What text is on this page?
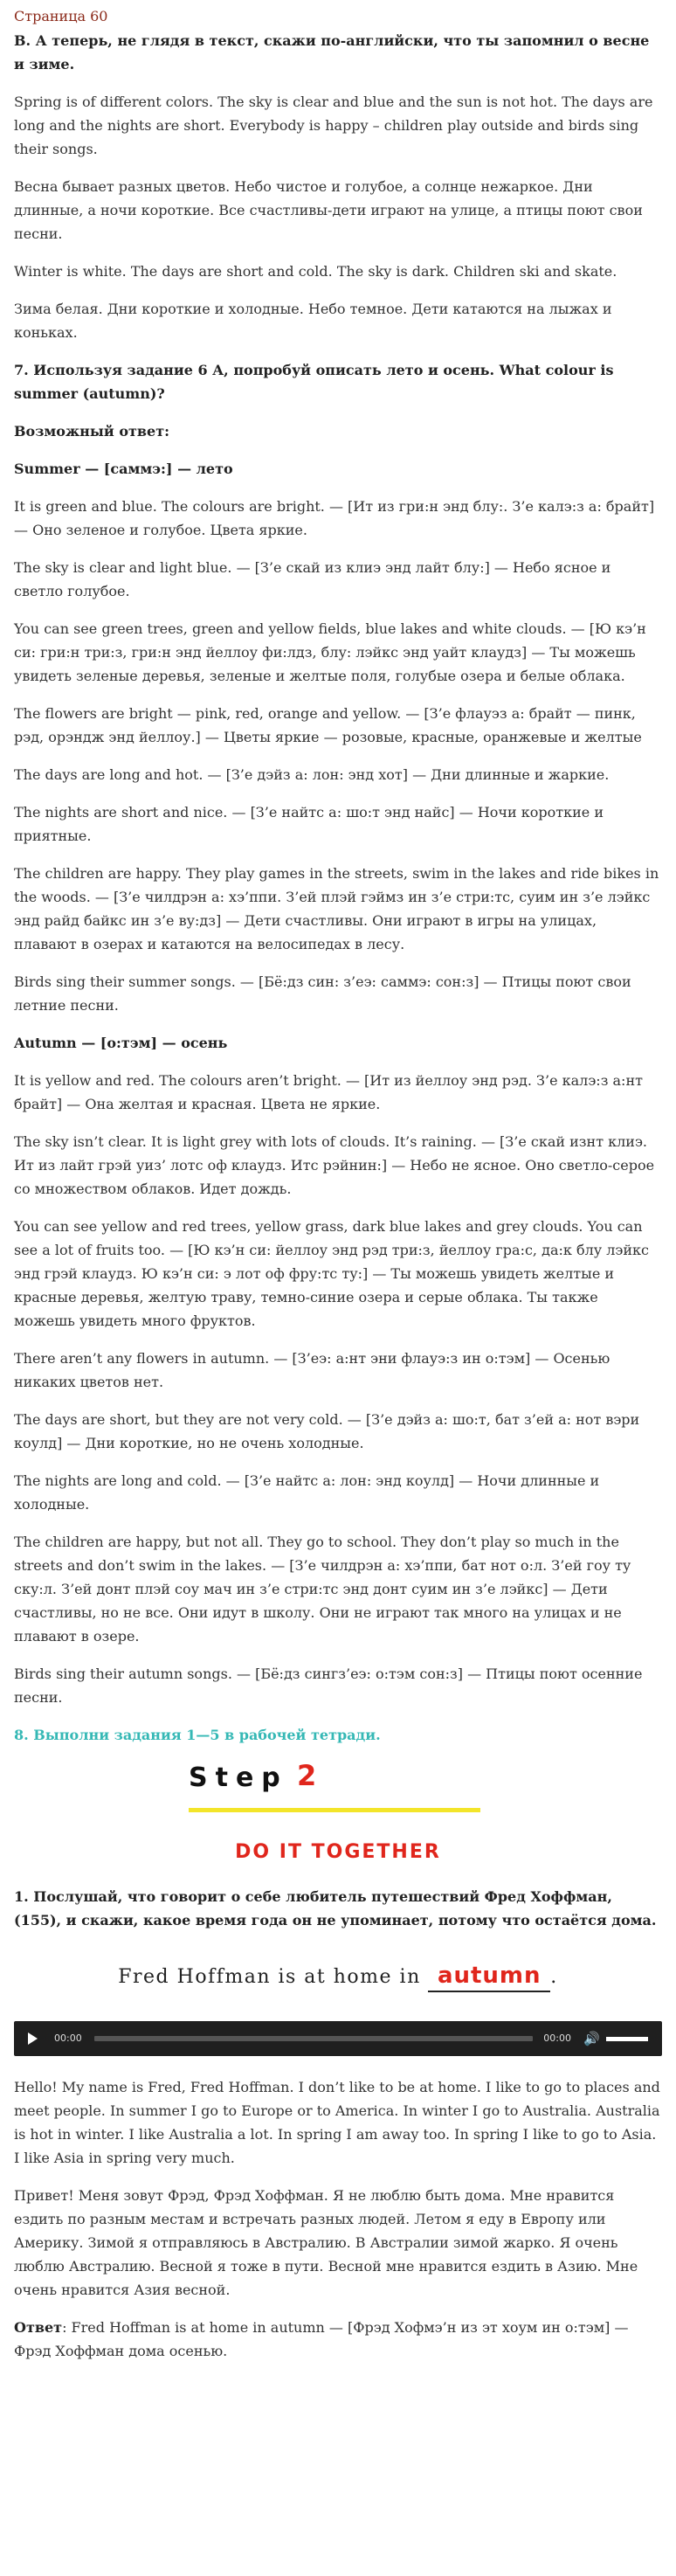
Страница 60

B. А теперь, не глядя в текст, скажи по-английски, что ты запомнил о весне и зиме.

Spring is of different colors. The sky is clear and blue and the sun is not hot. The days are long and the nights are short. Everybody is happy – children play outside and birds sing their songs.

Весна бывает разных цветов. Небо чистое и голубое, а солнце нежаркое. Дни длинные, а ночи короткие. Все счастливы-дети играют на улице, а птицы поют свои песни.

Winter is white. The days are short and cold. The sky is dark. Children ski and skate.

Зима белая. Дни короткие и холодные. Небо темное. Дети катаются на лыжах и коньках.

7. Используя задание 6 А, попробуй описать лето и осень. What colour is summer (autumn)?

Возможный ответ:

Summer — [саммэ:] — лето

It is green and blue. The colours are bright. — [Ит из гри:н энд блу:. З’е калэ:з а: брайт] — Оно зеленое и голубое. Цвета яркие.

The sky is clear and light blue. — [З’е скай из клиэ энд лайт блу:] — Небо ясное и светло голубое.

You can see green trees, green and yellow fields, blue lakes and white clouds. — [Ю кэ’н си: гри:н три:з, гри:н энд йеллоу фи:лдз, блу: лэйкс энд уайт клаудз] — Ты можешь увидеть зеленые деревья, зеленые и желтые поля, голубые озера и белые облака.

The flowers are bright — pink, red, orange and yellow. — [З’е флауэз а: брайт — пинк, рэд, орэндж энд йеллоу.] — Цветы яркие — розовые, красные, оранжевые и желтые

The days are long and hot. — [З’е дэйз а: лон: энд хот] — Дни длинные и жаркие.

The nights are short and nice. — [З’е найтс а: шо:т энд найс] — Ночи короткие и приятные.

The children are happy. They play games in the streets, swim in the lakes and ride bikes in the woods. — [З’е чилдрэн а: хэ’ппи. З’ей плэй гэймз ин з’е стри:тс, суим ин з’е лэйкс энд райд байкс ин з’е ву:дз] — Дети счастливы. Они играют в игры на улицах, плавают в озерах и катаются на велосипедах в лесу.

Birds sing their summer songs. — [Бё:дз син: з’еэ: саммэ: сон:з] — Птицы поют свои летние песни.

Autumn — [о:тэм] — осень

It is yellow and red. The colours aren’t bright. — [Ит из йеллоу энд рэд. З’е калэ:з а:нт брайт] — Она желтая и красная. Цвета не яркие.

The sky isn’t clear. It is light grey with lots of clouds. It’s raining. — [З’е скай изнт клиэ. Ит из лайт грэй уиз’ лотс оф клаудз. Итс рэйнин:] — Небо не ясное. Оно светло-серое со множеством облаков. Идет дождь.

You can see yellow and red trees, yellow grass, dark blue lakes and grey clouds. You can see a lot of fruits too. — [Ю кэ’н си: йеллоу энд рэд три:з, йеллоу гра:с, да:к блу лэйкс энд грэй клаудз. Ю кэ’н си: э лот оф фру:тс ту:] — Ты можешь увидеть желтые и красные деревья, желтую траву, темно-синие озера и серые облака. Ты также можешь увидеть много фруктов.

There aren’t any flowers in autumn. — [З’еэ: а:нт эни флауэ:з ин о:тэм] — Осенью никаких цветов нет.

The days are short, but they are not very cold. — [З’е дэйз а: шо:т, бат з’ей а: нот вэри коулд] — Дни короткие, но не очень холодные.

The nights are long and cold. — [З’е найтс а: лон: энд коулд] — Ночи длинные и холодные.

The children are happy, but not all. They go to school. They don’t play so much in the streets and don’t swim in the lakes. — [З’е чилдрэн а: хэ’ппи, бат нот о:л. З’ей гоу ту ску:л. З’ей донт плэй соу мач ин з’е стри:тс энд донт суим ин з’е лэйкс] — Дети счастливы, но не все. Они идут в школу. Они не играют так много на улицах и не плавают в озере.

Birds sing their autumn songs. — [Бё:дз сингз’еэ: о:тэм сон:з] — Птицы поют осенние песни.

8. Выполни задания 1—5 в рабочей тетради.

Step 2
DO IT TOGETHER

1. Послушай, что говорит о себе любитель путешествий Фред Хоффман, (155), и скажи, какое время года он не упоминает, потому что остаётся дома.

Fred Hoffman is at home in autumn .
00:00	00:00 🔊

Hello! My name is Fred, Fred Hoffman. I don’t like to be at home. I like to go to places and meet people. In summer I go to Europe or to America. In winter I go to Australia. Australia is hot in winter. I like Australia a lot. In spring I am away too. In spring I like to go to Asia. I like Asia in spring very much.

Привет! Меня зовут Фрэд, Фрэд Хоффман. Я не люблю быть дома. Мне нравится ездить по разным местам и встречать разных людей. Летом я еду в Европу или Америку. Зимой я отправляюсь в Австралию. В Австралии зимой жарко. Я очень люблю Австралию. Весной я тоже в пути. Весной мне нравится ездить в Азию. Мне очень нравится Азия весной.

Ответ: Fred Hoffman is at home in autumn — [Фрэд Хофмэ’н из эт хоум ин о:тэм] — Фрэд Хоффман дома осенью.
